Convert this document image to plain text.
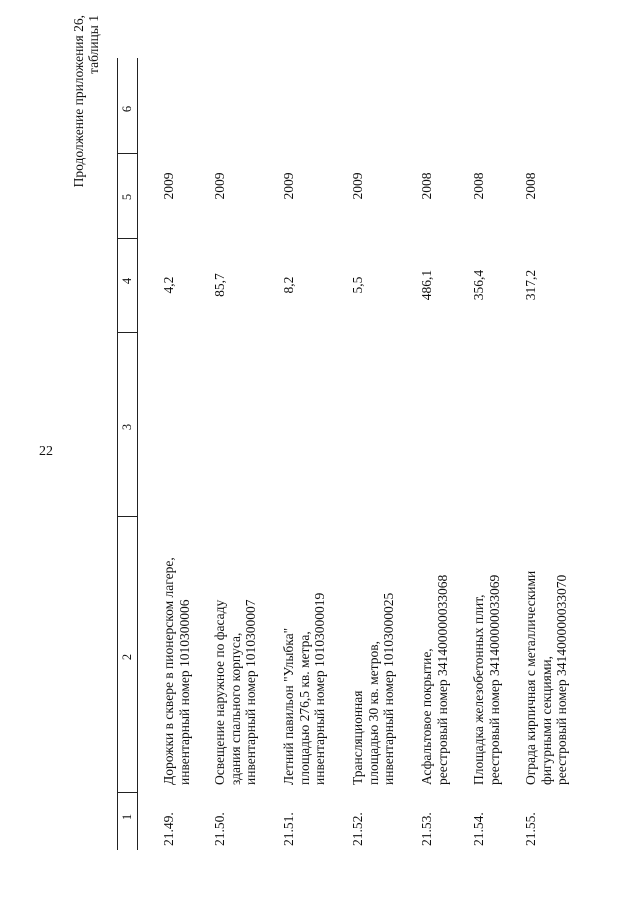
22
Продолжение приложения 26, таблицы 1
1
2
3
4
5
6
21.49.
Дорожки в сквере в пионерском лагере, инвентарный номер 1010300006
4,2
2009
21.50.
Освещение наружное по фасаду здания спального корпуса, инвентарный номер 1010300007
85,7
2009
21.51.
Летний павильон "Улыбка" площадью 276,5 кв. метра, инвентарный номер 10103000019
8,2
2009
21.52.
Трансляционная площадью 30 кв. метров, инвентарный номер 10103000025
5,5
2009
21.53.
Асфальтовое покрытие, реестровый номер 341400000033068
486,1
2008
21.54.
Площадка железобетонных плит, реестровый номер 341400000033069
356,4
2008
21.55.
Ограда кирпичная с металлическими фигурными секциями, реестровый номер 341400000033070
317,2
2008
